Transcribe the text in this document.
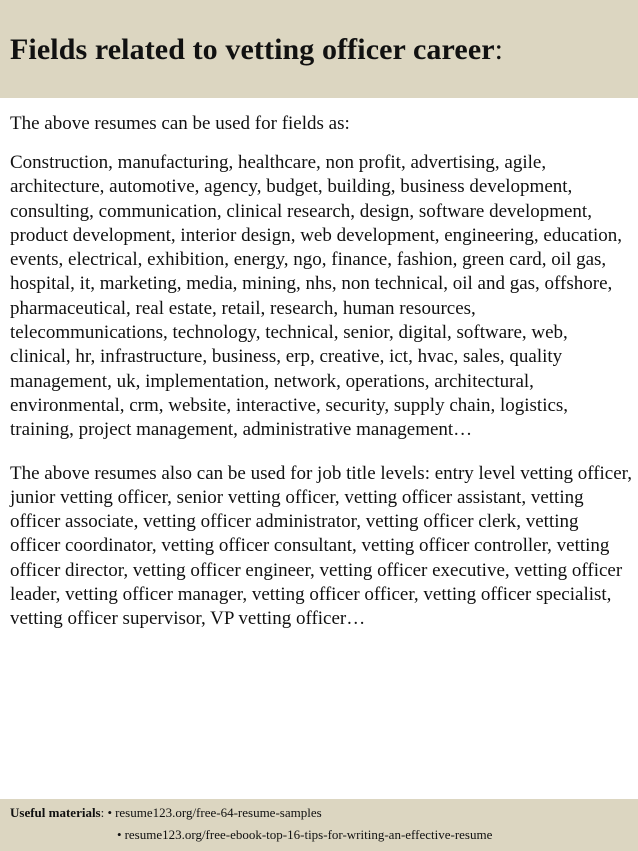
Fields related to vetting officer career:

The above resumes can be used for fields as:

Construction, manufacturing, healthcare, non profit, advertising, agile, architecture, automotive, agency, budget, building, business development, consulting, communication, clinical research, design, software development, product development, interior design, web development, engineering, education, events, electrical, exhibition, energy, ngo, finance, fashion, green card, oil gas, hospital, it, marketing, media, mining, nhs, non technical, oil and gas, offshore, pharmaceutical, real estate, retail, research, human resources, telecommunications, technology, technical, senior, digital, software, web, clinical, hr, infrastructure, business, erp, creative, ict, hvac, sales, quality management, uk, implementation, network, operations, architectural, environmental, crm, website, interactive, security, supply chain, logistics, training, project management, administrative management…

The above resumes also can be used for job title levels: entry level vetting officer, junior vetting officer, senior vetting officer, vetting officer assistant, vetting officer associate, vetting officer administrator, vetting officer clerk, vetting officer coordinator, vetting officer consultant, vetting officer controller, vetting officer director, vetting officer engineer, vetting officer executive, vetting officer leader, vetting officer manager, vetting officer officer, vetting officer specialist, vetting officer supervisor, VP vetting officer…

Useful materials: • resume123.org/free-64-resume-samples
• resume123.org/free-ebook-top-16-tips-for-writing-an-effective-resume
